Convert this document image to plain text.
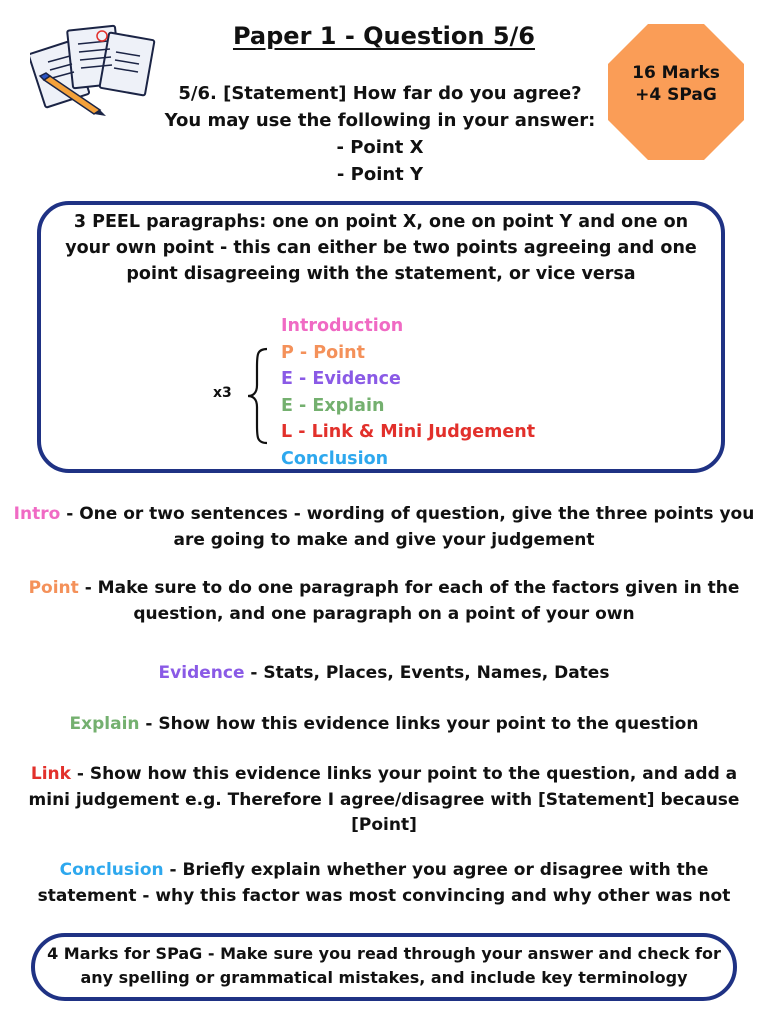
Paper 1 - Question 5/6
16 Marks
+4 SPaG
5/6. [Statement] How far do you agree?
You may use the following in your answer:
- Point X
- Point Y
3 PEEL paragraphs: one on point X, one on point Y and one on your own point - this can either be two points agreeing and one point disagreeing with the statement, or vice versa
x3
Introduction
P - Point
E - Evidence
E - Explain
L - Link & Mini Judgement
Conclusion
Intro - One or two sentences - wording of question, give the three points you are going to make and give your judgement
Point - Make sure to do one paragraph for each of the factors given in the question, and one paragraph on a point of your own
Evidence - Stats, Places, Events, Names, Dates
Explain - Show how this evidence links your point to the question
Link - Show how this evidence links your point to the question, and add a mini judgement e.g. Therefore I agree/disagree with [Statement] because [Point]
Conclusion - Briefly explain whether you agree or disagree with the statement - why this factor was most convincing and why other was not
4 Marks for SPaG - Make sure you read through your answer and check for any spelling or grammatical mistakes, and include key terminology
